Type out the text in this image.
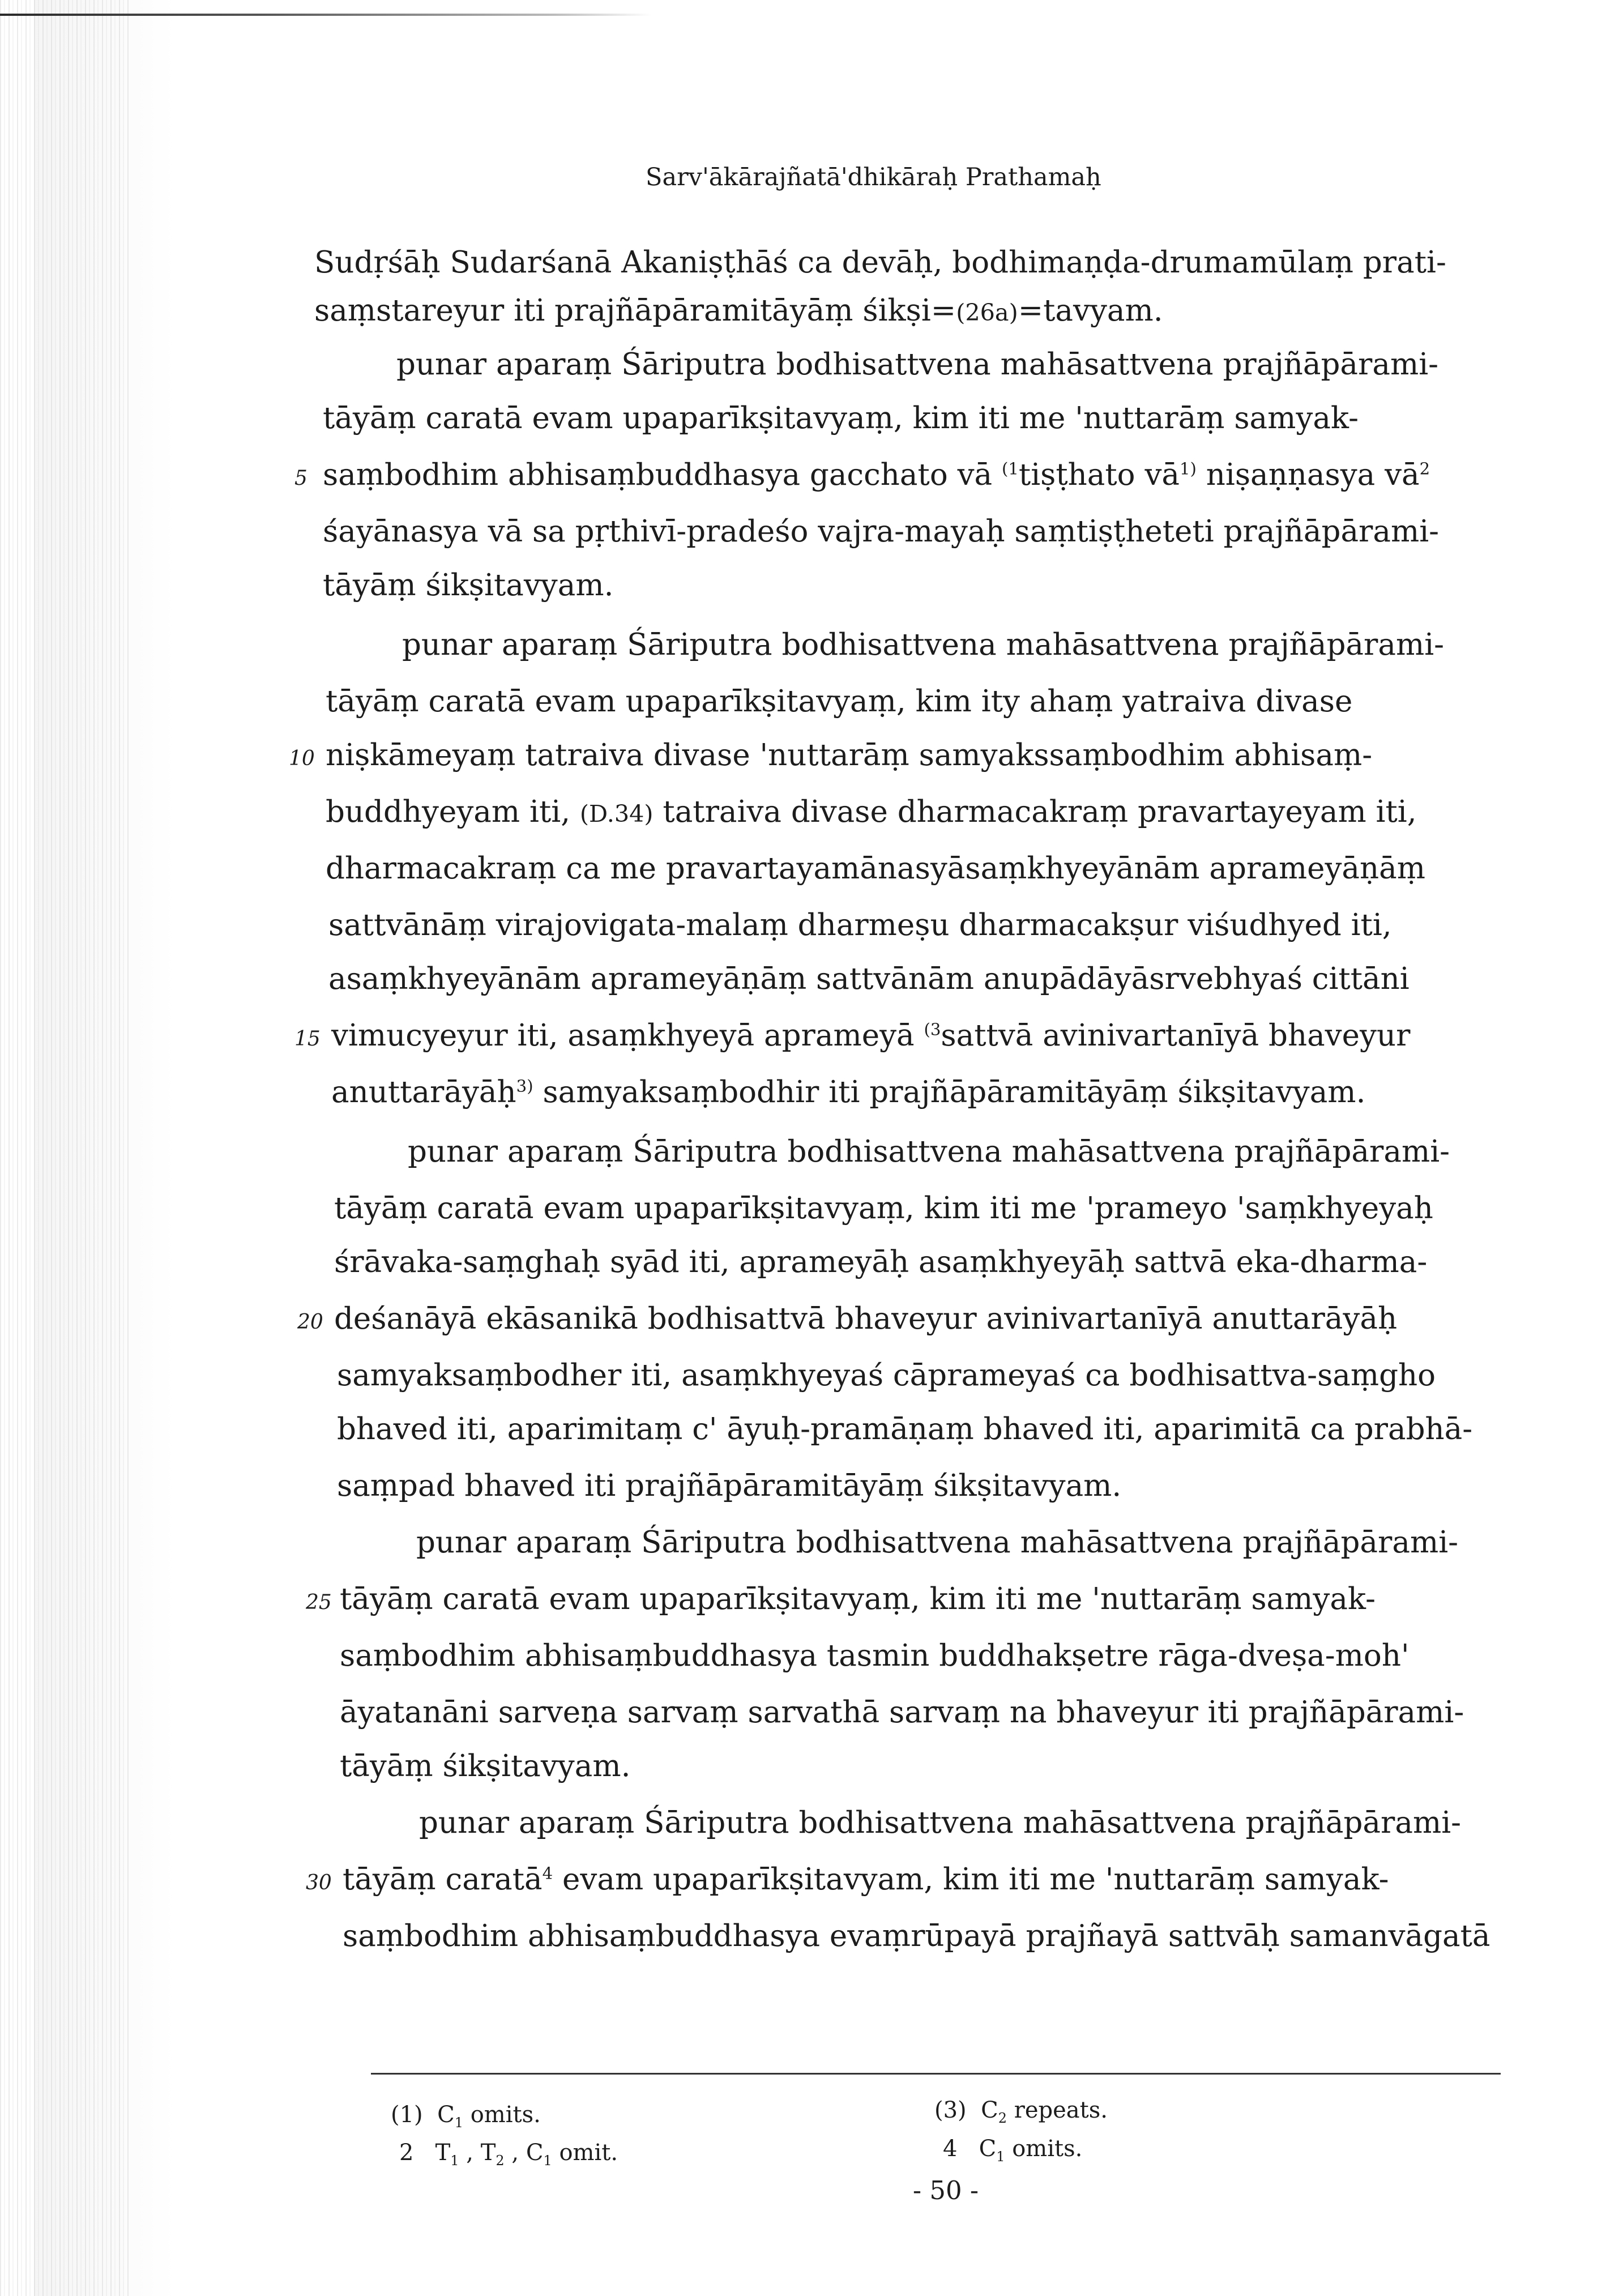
Sarv'ākārajñatā'dhikāraḥ Prathamaḥ
Sudṛśāḥ Sudarśanā Akaniṣṭhāś ca devāḥ, bodhimaṇḍa-drumamūlaṃ prati-
saṃstareyur iti prajñāpāramitāyāṃ śikṣi=(26a)=tavyam.
punar aparaṃ Śāriputra bodhisattvena mahāsattvena prajñāpārami-
tāyāṃ caratā evam upaparīkṣitavyaṃ, kim iti me 'nuttarāṃ samyak-
5 saṃbodhim abhisaṃbuddhasya gacchato vā $^{(1}$tiṣṭhato $vā^{1)}$ niṣaṇṇasya $vā^2$
śayānasya vā sa pṛthivī-pradeśo vajra-mayaḥ saṃtiṣṭheteti prajñāpārami-
tāyāṃ śikṣitavyam.
punar aparaṃ Śāriputra bodhisattvena mahāsattvena prajñāpārami-
tāyāṃ caratā evam upaparīkṣitavyaṃ, kim ity ahaṃ yatraiva divase
10 niṣkāmeyaṃ tatraiva divase 'nuttarāṃ samyakssaṃbodhim abhisaṃ-
buddhyeyam iti, (D.34) tatraiva divase dharmacakraṃ pravartayeyam iti,
dharmacakraṃ ca me pravartayamānasyāsaṃkhyeyānām aprameyāṇāṃ
sattvānāṃ virajovigata-malaṃ dharmeṣu dharmacakṣur viśudhyed iti,
asaṃkhyeyānām aprameyāṇāṃ sattvānām anupādāyāsrvebhyaś cittāni
15 vimucyeyur iti, asaṃkhyeyā aprameyā $^{(3}$sattvā avinivartanīyā bhaveyur
anuttarāyāḥ$^{3)}$ samyaksaṃbodhir iti prajñāpāramitāyāṃ śikṣitavyam.
punar aparaṃ Śāriputra bodhisattvena mahāsattvena prajñāpārami-
tāyāṃ caratā evam upaparīkṣitavyaṃ, kim iti me 'prameyo 'saṃkhyeyaḥ
śrāvaka-saṃghaḥ syād iti, aprameyāḥ asaṃkhyeyāḥ sattvā eka-dharma-
20 deśanāyā ekāsanikā bodhisattvā bhaveyur avinivartanīyā anuttarāyāḥ
samyaksaṃbodher iti, asaṃkhyeyaś cāprameyaś ca bodhisattva-saṃgho
bhaved iti, aparimitaṃ c' āyuḥ-pramāṇaṃ bhaved iti, aparimitā ca prabhā-
saṃpad bhaved iti prajñāpāramitāyāṃ śikṣitavyam.
punar aparaṃ Śāriputra bodhisattvena mahāsattvena prajñāpārami-
25 tāyāṃ caratā evam upaparīkṣitavyaṃ, kim iti me 'nuttarāṃ samyak-
saṃbodhim abhisaṃbuddhasya tasmin buddhakṣetre rāga-dveṣa-moh'
āyatanāni sarveṇa sarvaṃ sarvathā sarvaṃ na bhaveyur iti prajñāpārami-
tāyāṃ śikṣitavyam.
punar aparaṃ Śāriputra bodhisattvena mahāsattvena prajñāpārami-
30 tāyāṃ caratā$^4$ evam upaparīkṣitavyam, kim iti me 'nuttarāṃ samyak-
saṃbodhim abhisaṃbuddhasya evaṃrūpayā prajñayā sattvāḥ samanvāgatā
(1) $C_1$ omits.	(3) $C_2$ repeats.
2 $T_1$ , $T_2$ , $C_1$ omit.	4 $C_1$ omits.
- 50 -
